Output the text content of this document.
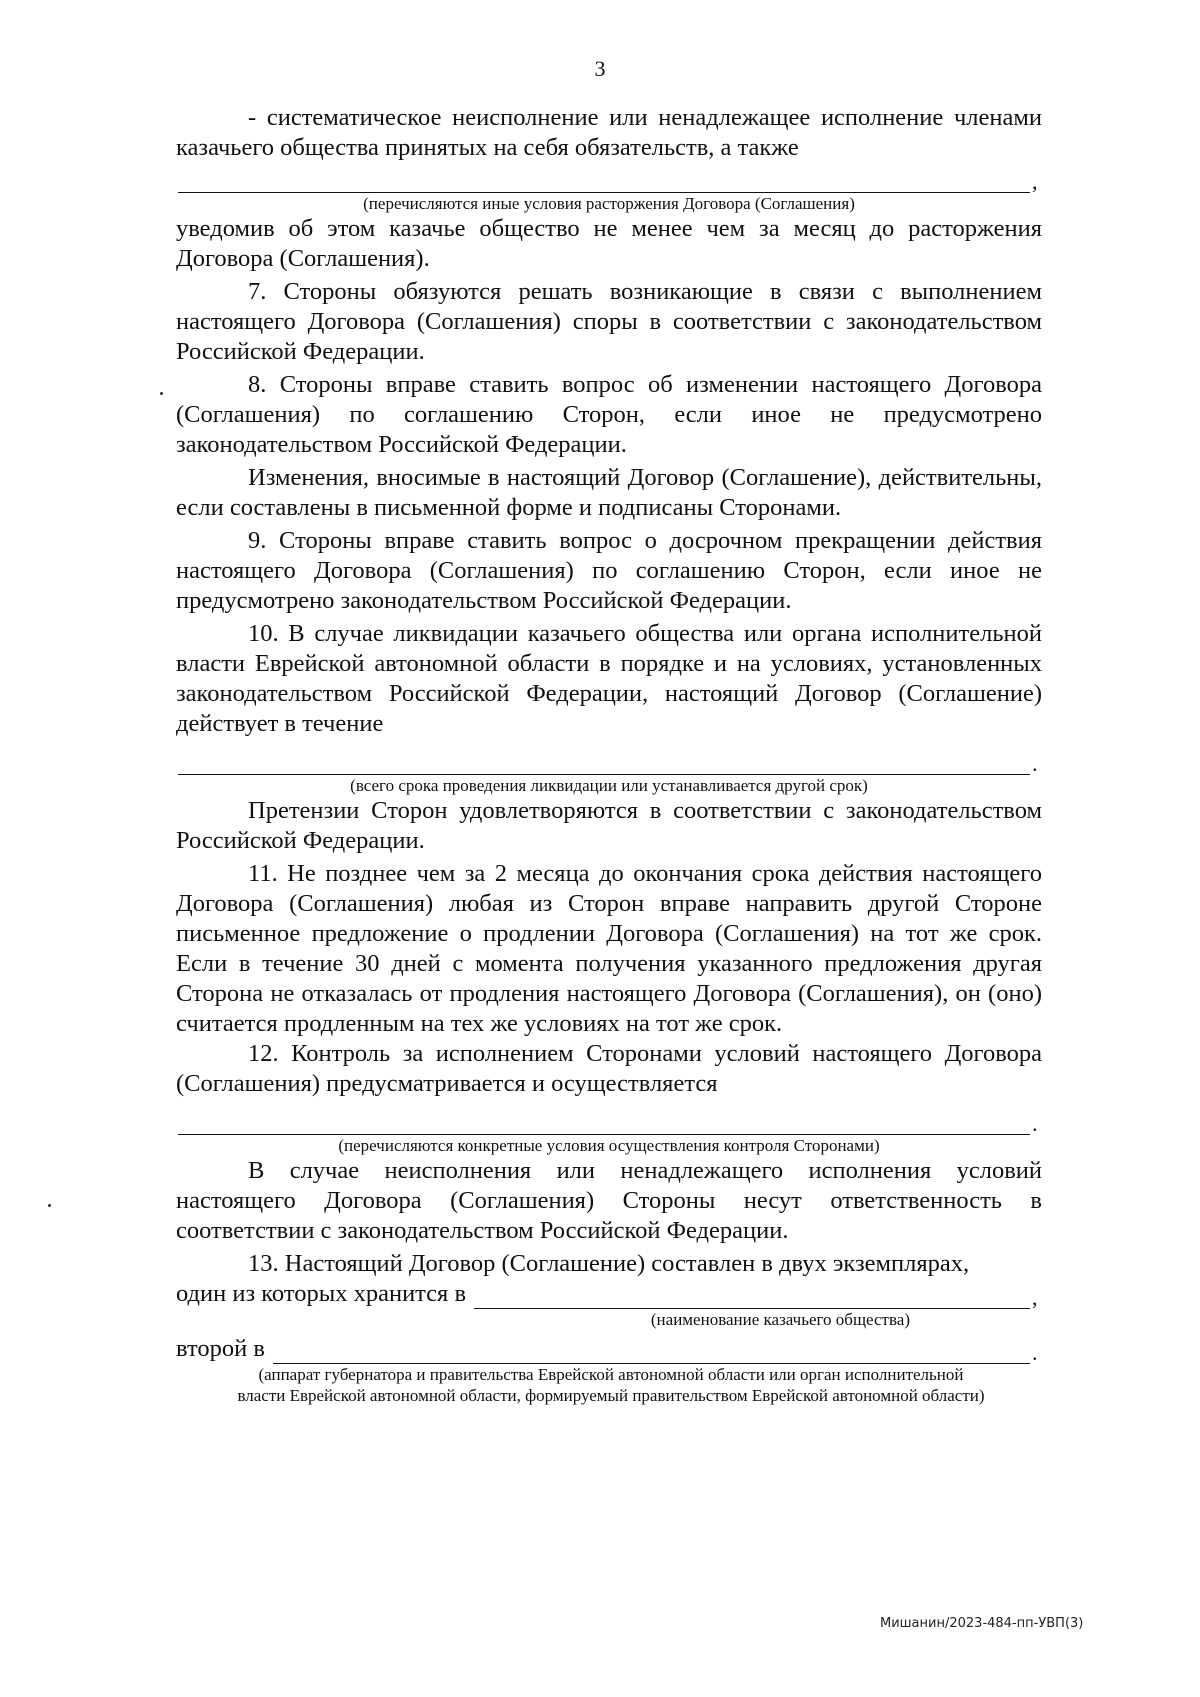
3

- систематическое неисполнение или ненадлежащее исполнение членами казачьего общества принятых на себя обязательств, а также

,

(перечисляются иные условия расторжения Договора (Соглашения)

уведомив об этом казачье общество не менее чем за месяц до расторжения Договора (Соглашения).

7. Стороны обязуются решать возникающие в связи с выполнением настоящего Договора (Соглашения) споры в соответствии с законодательством Российской Федерации.

8. Стороны вправе ставить вопрос об изменении настоящего Договора (Соглашения) по соглашению Сторон, если иное не предусмотрено законодательством Российской Федерации.

Изменения, вносимые в настоящий Договор (Соглашение), действительны, если составлены в письменной форме и подписаны Сторонами.

9. Стороны вправе ставить вопрос о досрочном прекращении действия настоящего Договора (Соглашения) по соглашению Сторон, если иное не предусмотрено законодательством Российской Федерации.

10. В случае ликвидации казачьего общества или органа исполнительной власти Еврейской автономной области в порядке и на условиях, установленных законодательством Российской Федерации, настоящий Договор (Соглашение) действует в течение

.

(всего срока проведения ликвидации или устанавливается другой срок)

Претензии Сторон удовлетворяются в соответствии с законодательством Российской Федерации.

11. Не позднее чем за 2 месяца до окончания срока действия настоящего Договора (Соглашения) любая из Сторон вправе направить другой Стороне письменное предложение о продлении Договора (Соглашения) на тот же срок. Если в течение 30 дней с момента получения указанного предложения другая Сторона не отказалась от продления настоящего Договора (Соглашения), он (оно) считается продленным на тех же условиях на тот же срок.

12. Контроль за исполнением Сторонами условий настоящего Договора (Соглашения) предусматривается и осуществляется

.

(перечисляются конкретные условия осуществления контроля Сторонами)

В случае неисполнения или ненадлежащего исполнения условий настоящего Договора (Соглашения) Стороны несут ответственность в соответствии с законодательством Российской Федерации.

13. Настоящий Договор (Соглашение) составлен в двух экземплярах,

один из которых хранится в	,

(наименование казачьего общества)

второй в	.

(аппарат губернатора и правительства Еврейской автономной области или орган исполнительной

власти Еврейской автономной области, формируемый правительством Еврейской автономной области)

Мишанин/2023-484-пп-УВП(3)
